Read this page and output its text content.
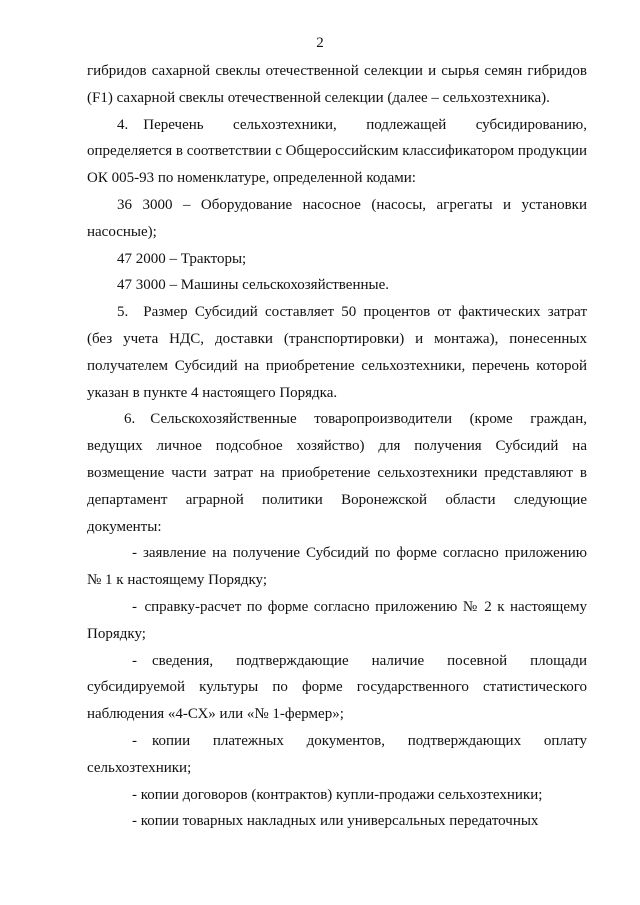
2

гибридов сахарной свеклы отечественной селекции и сырья семян гибридов (F1) сахарной свеклы отечественной селекции (далее – сельхозтехника).

4. Перечень сельхозтехники, подлежащей субсидированию, определяется в соответствии с Общероссийским классификатором продукции ОК 005-93 по номенклатуре, определенной кодами:

36 3000 – Оборудование насосное (насосы, агрегаты и установки насосные);

47 2000 – Тракторы;

47 3000 – Машины сельскохозяйственные.

5. Размер Субсидий составляет 50 процентов от фактических затрат (без учета НДС, доставки (транспортировки) и монтажа), понесенных получателем Субсидий на приобретение сельхозтехники, перечень которой указан в пункте 4 настоящего Порядка.

6. Сельскохозяйственные товаропроизводители (кроме граждан, ведущих личное подсобное хозяйство) для получения Субсидий на возмещение части затрат на приобретение сельхозтехники представляют в департамент аграрной политики Воронежской области следующие документы:

- заявление на получение Субсидий по форме согласно приложению № 1 к настоящему Порядку;

- справку-расчет по форме согласно приложению № 2 к настоящему Порядку;

- сведения, подтверждающие наличие посевной площади субсидируемой культуры по форме государственного статистического наблюдения «4-СХ» или «№ 1-фермер»;

- копии платежных документов, подтверждающих оплату сельхозтехники;

- копии договоров (контрактов) купли-продажи сельхозтехники;

- копии товарных накладных или универсальных передаточных
